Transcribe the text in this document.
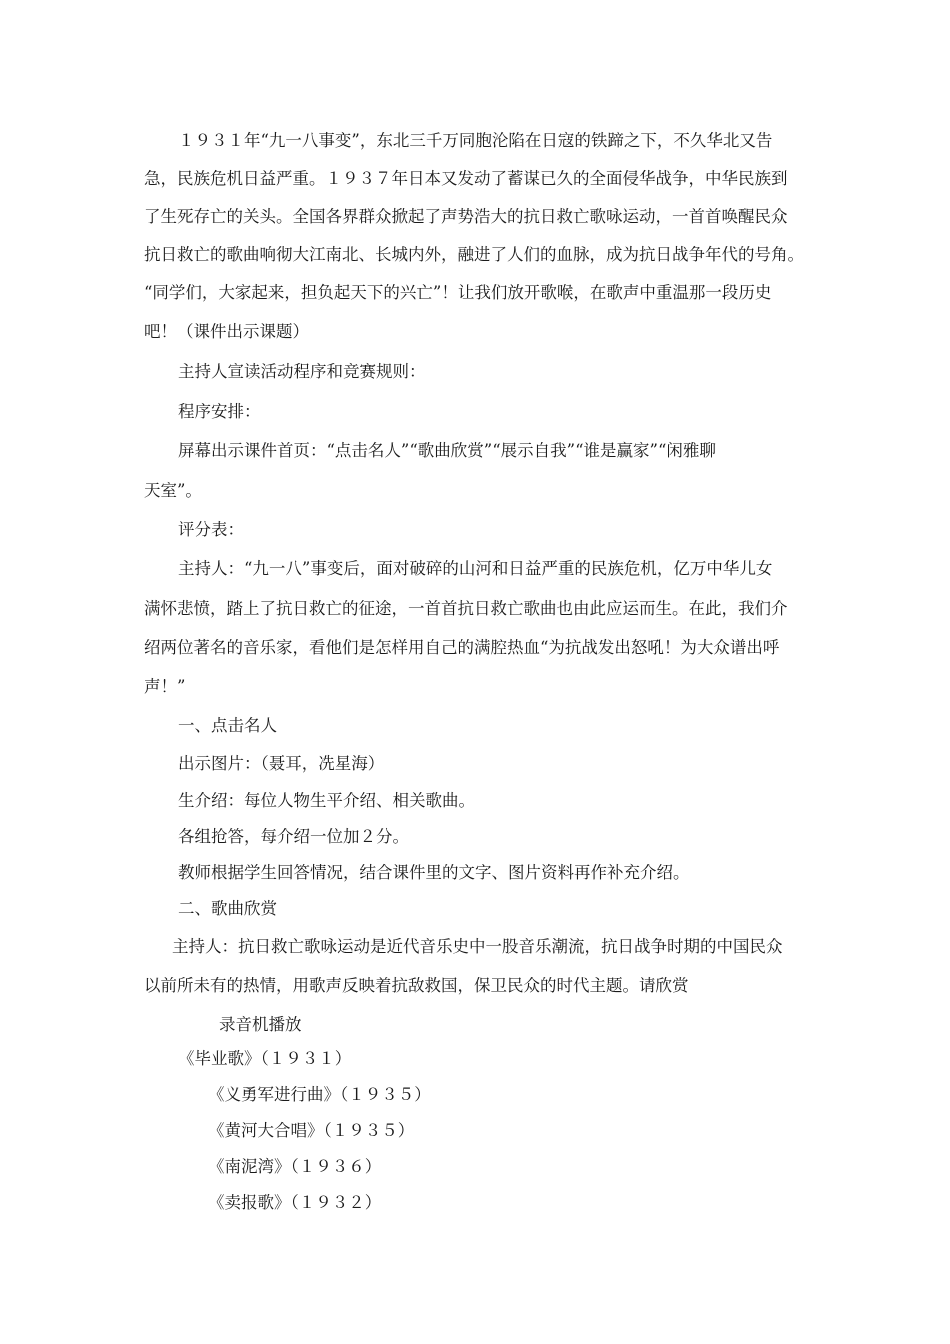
１９３１年“九一八事变”，东北三千万同胞沦陷在日寇的铁蹄之下，不久华北又告
急，民族危机日益严重。１９３７年日本又发动了蓄谋已久的全面侵华战争，中华民族到
了生死存亡的关头。全国各界群众掀起了声势浩大的抗日救亡歌咏运动，一首首唤醒民众
抗日救亡的歌曲响彻大江南北、长城内外，融进了人们的血脉，成为抗日战争年代的号角。
“同学们，大家起来，担负起天下的兴亡”！让我们放开歌喉，在歌声中重温那一段历史
吧！（课件出示课题）
主持人宣读活动程序和竞赛规则：
程序安排：
屏幕出示课件首页：“点击名人”“歌曲欣赏”“展示自我”“谁是赢家”“闲雅聊
天室”。
评分表：
主持人：“九一八”事变后，面对破碎的山河和日益严重的民族危机，亿万中华儿女
满怀悲愤，踏上了抗日救亡的征途，一首首抗日救亡歌曲也由此应运而生。在此，我们介
绍两位著名的音乐家，看他们是怎样用自己的满腔热血“为抗战发出怒吼！为大众谱出呼
声！”
一、点击名人
出示图片：（聂耳，冼星海）
生介绍：每位人物生平介绍、相关歌曲。
各组抢答，每介绍一位加２分。
教师根据学生回答情况，结合课件里的文字、图片资料再作补充介绍。
二、歌曲欣赏
主持人：抗日救亡歌咏运动是近代音乐史中一股音乐潮流，抗日战争时期的中国民众
以前所未有的热情，用歌声反映着抗敌救国，保卫民众的时代主题。请欣赏
录音机播放
《毕业歌》（１９３１）
《义勇军进行曲》（１９３５）
《黄河大合唱》（１９３５）
《南泥湾》（１９３６）
《卖报歌》（１９３２）
